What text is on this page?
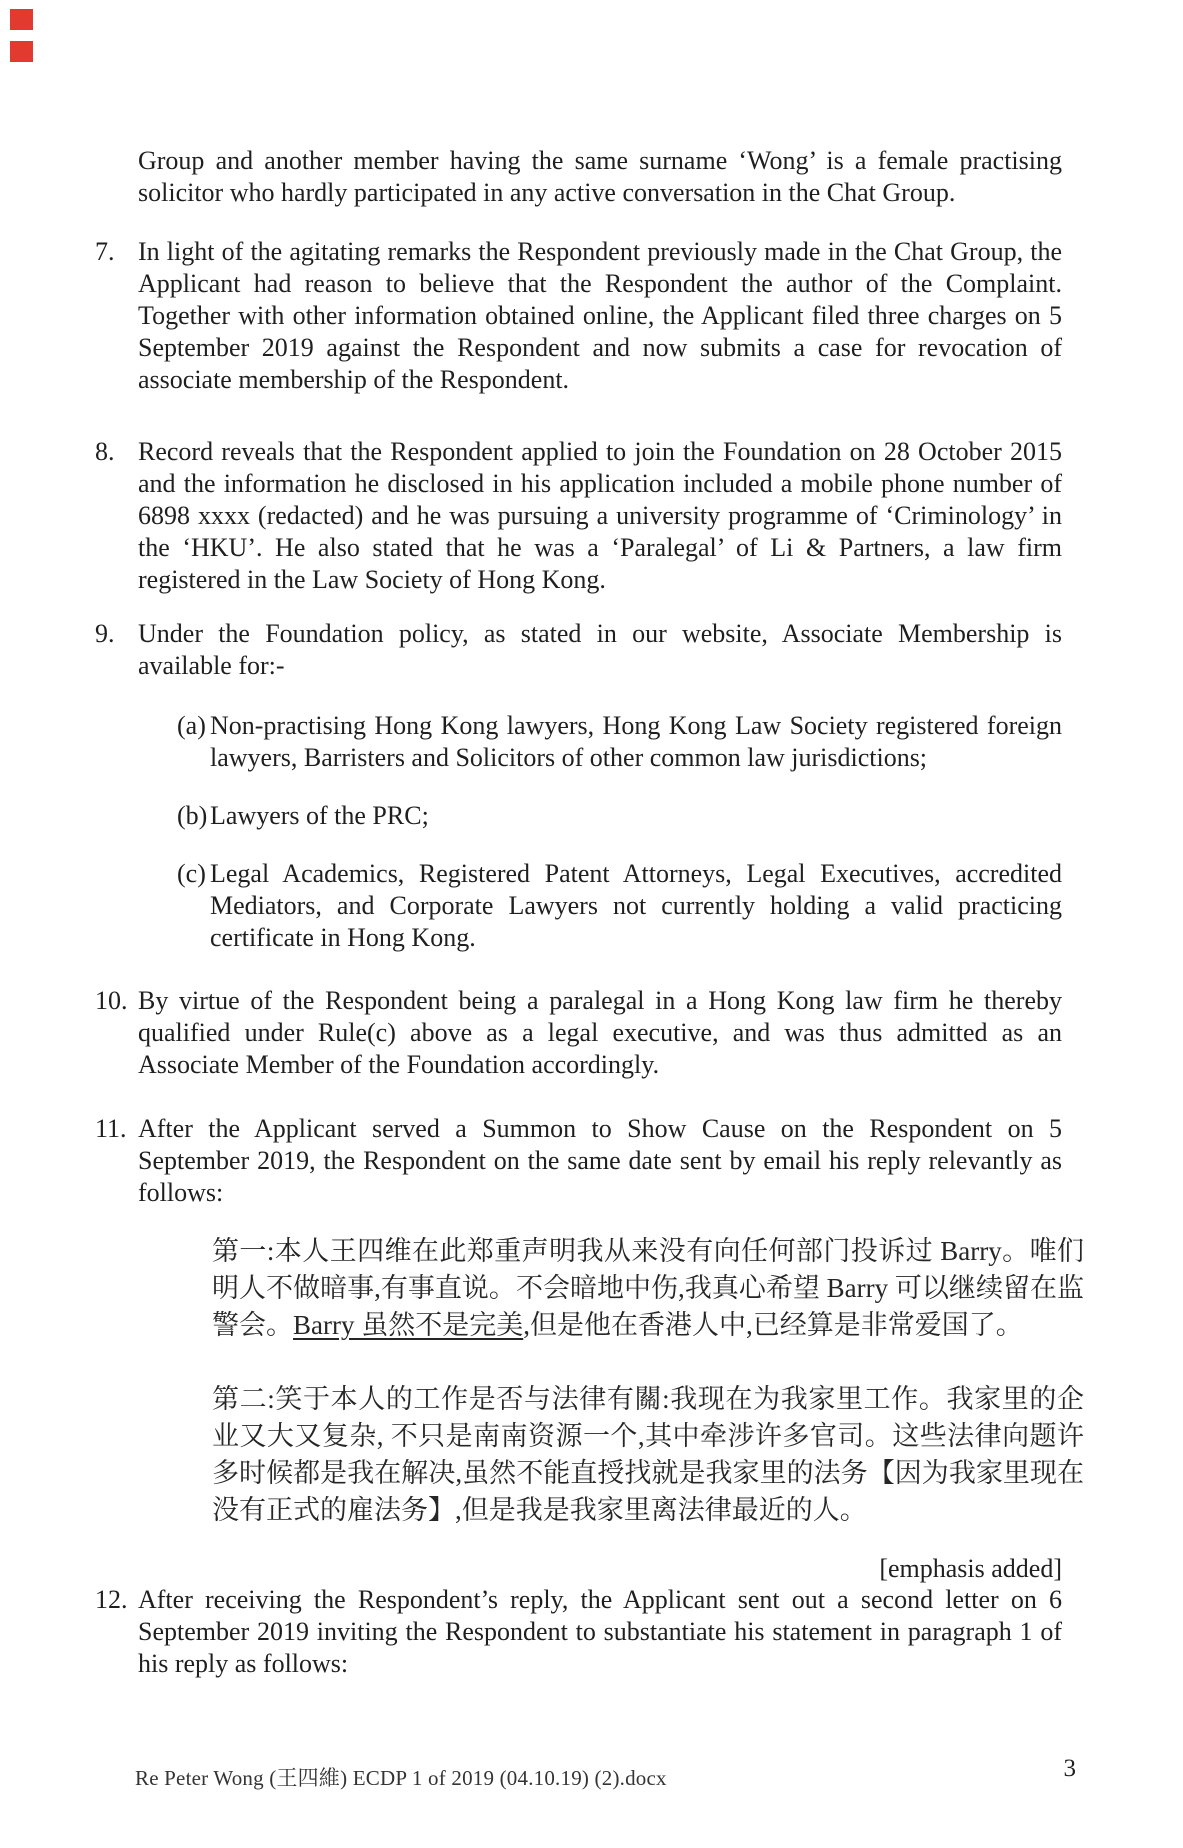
Group and another member having the same surname ‘Wong’ is a female practising solicitor who hardly participated in any active conversation in the Chat Group.

7. In light of the agitating remarks the Respondent previously made in the Chat Group, the Applicant had reason to believe that the Respondent the author of the Complaint. Together with other information obtained online, the Applicant filed three charges on 5 September 2019 against the Respondent and now submits a case for revocation of associate membership of the Respondent.

8. Record reveals that the Respondent applied to join the Foundation on 28 October 2015 and the information he disclosed in his application included a mobile phone number of 6898 xxxx (redacted) and he was pursuing a university programme of ‘Criminology’ in the ‘HKU’. He also stated that he was a ‘Paralegal’ of Li & Partners, a law firm registered in the Law Society of Hong Kong.

9. Under the Foundation policy, as stated in our website, Associate Membership is available for:-

(a) Non-practising Hong Kong lawyers, Hong Kong Law Society registered foreign lawyers, Barristers and Solicitors of other common law jurisdictions;

(b) Lawyers of the PRC;

(c) Legal Academics, Registered Patent Attorneys, Legal Executives, accredited Mediators, and Corporate Lawyers not currently holding a valid practicing certificate in Hong Kong.

10. By virtue of the Respondent being a paralegal in a Hong Kong law firm he thereby qualified under Rule(c) above as a legal executive, and was thus admitted as an Associate Member of the Foundation accordingly.

11. After the Applicant served a Summon to Show Cause on the Respondent on 5 September 2019, the Respondent on the same date sent by email his reply relevantly as follows:

第一:本人王四维在此郑重声明我从来没有向任何部门投诉过 Barry。唯们明人不做暗事,有事直说。不会暗地中伤,我真心希望 Barry 可以继续留在监警会。Barry 虽然不是完美,但是他在香港人中,已经算是非常爱国了。

第二:笑于本人的工作是否与法律有關:我现在为我家里工作。我家里的企业又大又复杂, 不只是南南资源一个,其中牵涉许多官司。这些法律向题许多时候都是我在解决,虽然不能直授找就是我家里的法务【因为我家里现在没有正式的雇法务】,但是我是我家里离法律最近的人。

[emphasis added]

12. After receiving the Respondent’s reply, the Applicant sent out a second letter on 6 September 2019 inviting the Respondent to substantiate his statement in paragraph 1 of his reply as follows:

Re Peter Wong (王四維) ECDP 1 of 2019 (04.10.19) (2).docx	3
